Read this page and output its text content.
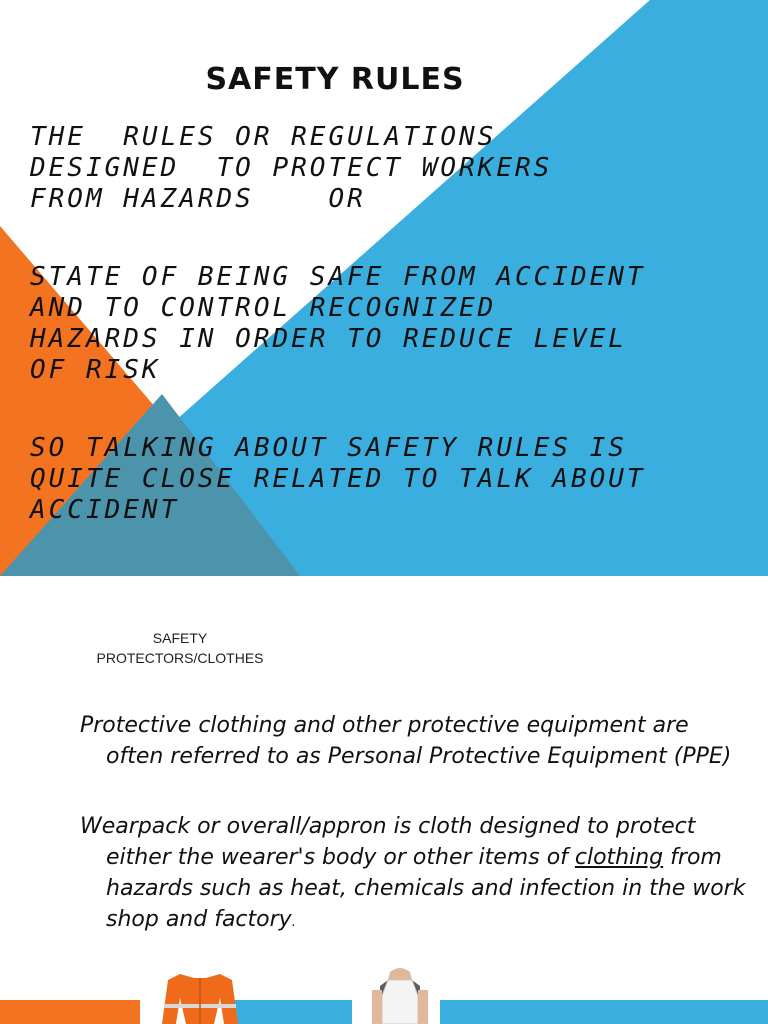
SAFETY RULES

THE  RULES OR REGULATIONS
DESIGNED  TO PROTECT WORKERS
FROM HAZARDS    OR

STATE OF BEING SAFE FROM ACCIDENT
AND TO CONTROL RECOGNIZED
HAZARDS IN ORDER TO REDUCE LEVEL
OF RISK

SO TALKING ABOUT SAFETY RULES IS
QUITE CLOSE RELATED TO TALK ABOUT
ACCIDENT

SAFETY
PROTECTORS/CLOTHES

Protective clothing and other protective equipment are often referred to as Personal Protective Equipment (PPE)

Wearpack or overall/appron is cloth designed to protect either the wearer's body or other items of clothing from hazards such as heat, chemicals and infection in the work shop and factory.
